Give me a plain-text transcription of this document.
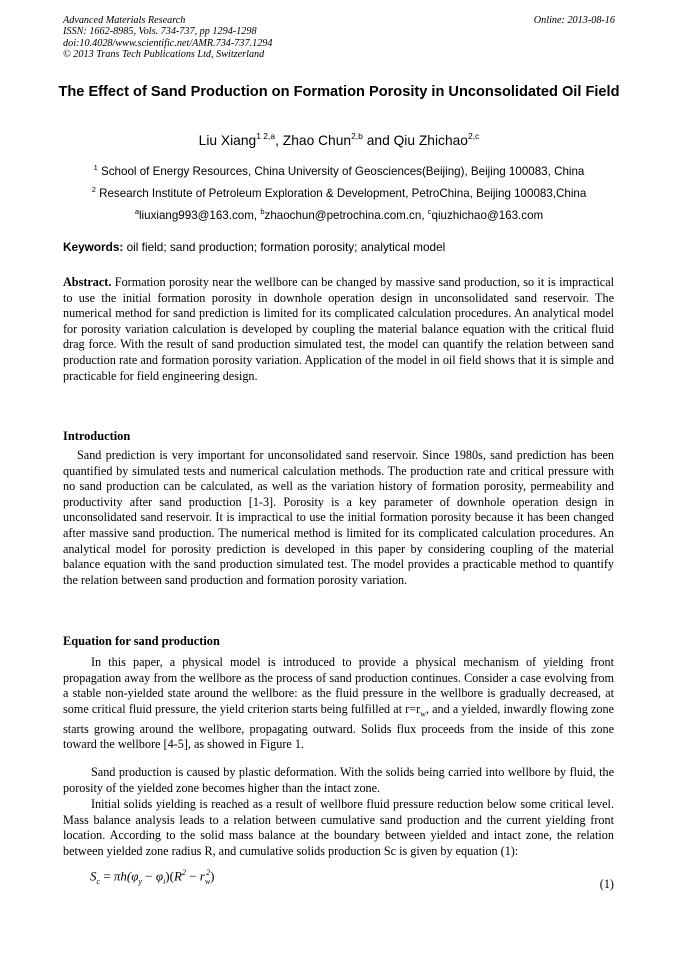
Advanced Materials Research
ISSN: 1662-8985, Vols. 734-737, pp 1294-1298
doi:10.4028/www.scientific.net/AMR.734-737.1294
© 2013 Trans Tech Publications Ltd, Switzerland
Online: 2013-08-16
The Effect of Sand Production on Formation Porosity in Unconsolidated Oil Field
Liu Xiang$^{1 2,a}$, Zhao Chun$^{2,b}$ and Qiu Zhichao$^{2,c}$
$^1$ School of Energy Resources, China University of Geosciences(Beijing), Beijing 100083, China
$^2$ Research Institute of Petroleum Exploration & Development, PetroChina, Beijing 100083,China
$^a$liuxiang993@163.com, $^b$zhaochun@petrochina.com.cn, $^c$qiuzhichao@163.com
Keywords: oil field; sand production; formation porosity; analytical model
Abstract. Formation porosity near the wellbore can be changed by massive sand production, so it is impractical to use the initial formation porosity in downhole operation design in unconsolidated sand reservoir. The numerical method for sand prediction is limited for its complicated calculation procedures. An analytical model for porosity variation calculation is developed by coupling the material balance equation with the critical fluid drag force. With the result of sand production simulated test, the model can quantify the relation between sand production rate and formation porosity variation. Application of the model in oil field shows that it is simple and practicable for field engineering design.
Introduction
Sand prediction is very important for unconsolidated sand reservoir. Since 1980s, sand prediction has been quantified by simulated tests and numerical calculation methods. The production rate and critical pressure with no sand production can be calculated, as well as the variation history of formation porosity, permeability and productivity after sand production [1-3]. Porosity is a key parameter of downhole operation design in unconsolidated sand reservoir. It is impractical to use the initial formation porosity because it has been changed after massive sand production. The numerical method is limited for its complicated calculation procedures. An analytical model for porosity prediction is developed in this paper by considering coupling of the material balance equation with the sand production simulated test. The model provides a practicable method to quantify the relation between sand production and formation porosity variation.
Equation for sand production
In this paper, a physical model is introduced to provide a physical mechanism of yielding front propagation away from the wellbore as the process of sand production continues. Consider a case evolving from a stable non-yielded state around the wellbore: as the fluid pressure in the wellbore is gradually decreased, at some critical fluid pressure, the yield criterion starts being fulfilled at $r=r_w$, and a yielded, inwardly flowing zone starts growing around the wellbore, propagating outward. Solids flux proceeds from the inside of this zone toward the wellbore [4-5], as showed in Figure 1.
Sand production is caused by plastic deformation. With the solids being carried into wellbore by fluid, the porosity of the yielded zone becomes higher than the intact zone.
Initial solids yielding is reached as a result of wellbore fluid pressure reduction below some critical level. Mass balance analysis leads to a relation between cumulative sand production and the current yielding front location. According to the solid mass balance at the boundary between yielded and intact zone, the relation between yielded zone radius R, and cumulative solids production Sc is given by equation (1):
$S_c = \pi h(\varphi_y - \varphi_i)(R^2 - r_w^2)$
(1)
